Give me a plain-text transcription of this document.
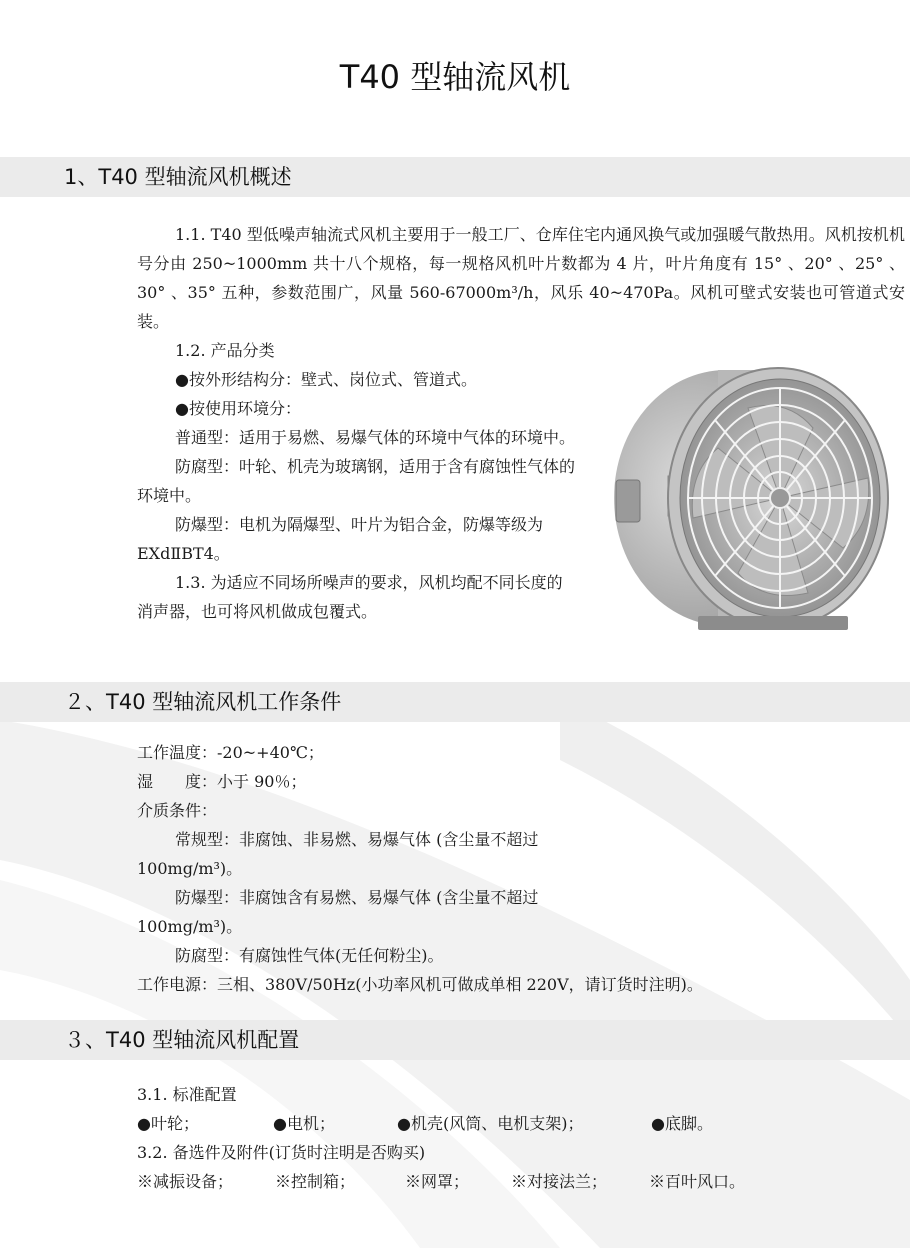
T40 型轴流风机
1、T40 型轴流风机概述

1.1. T40 型低噪声轴流式风机主要用于一般工厂、仓库住宅内通风换气或加强暖气散热用。风机按机机号分由 250~1000mm 共十八个规格，每一规格风机叶片数都为 4 片，叶片角度有 15° 、20° 、25° 、30° 、35° 五种，参数范围广，风量 560-67000m³/h，风乐 40~470Pa。风机可壁式安装也可管道式安装。

1.2. 产品分类

●按外形结构分：壁式、岗位式、管道式。

●按使用环境分：

普通型：适用于易燃、易爆气体的环境中气体的环境中。

防腐型：叶轮、机壳为玻璃钢，适用于含有腐蚀性气体的环境中。

防爆型：电机为隔爆型、叶片为铝合金，防爆等级为 EXdⅡBT4。

1.3. 为适应不同场所噪声的要求，风机均配不同长度的消声器，也可将风机做成包覆式。

２、T40 型轴流风机工作条件

工作温度：-20~+40℃；

湿　　度：小于 90％；

介质条件：

常规型：非腐蚀、非易燃、易爆气体 (含尘量不超过

100mg/m³)。

防爆型：非腐蚀含有易燃、易爆气体 (含尘量不超过

100mg/m³)。

防腐型：有腐蚀性气体(无任何粉尘)。

工作电源：三相、380V/50Hz(小功率风机可做成单相 220V，请订货时注明)。

３、T40 型轴流风机配置

3.1. 标准配置

●叶轮；	●电机；	●机壳(风筒、电机支架)；	●底脚。

3.2. 备选件及附件(订货时注明是否购买)

※减振设备；	※控制箱；	※网罩；	※对接法兰；	※百叶风口。
